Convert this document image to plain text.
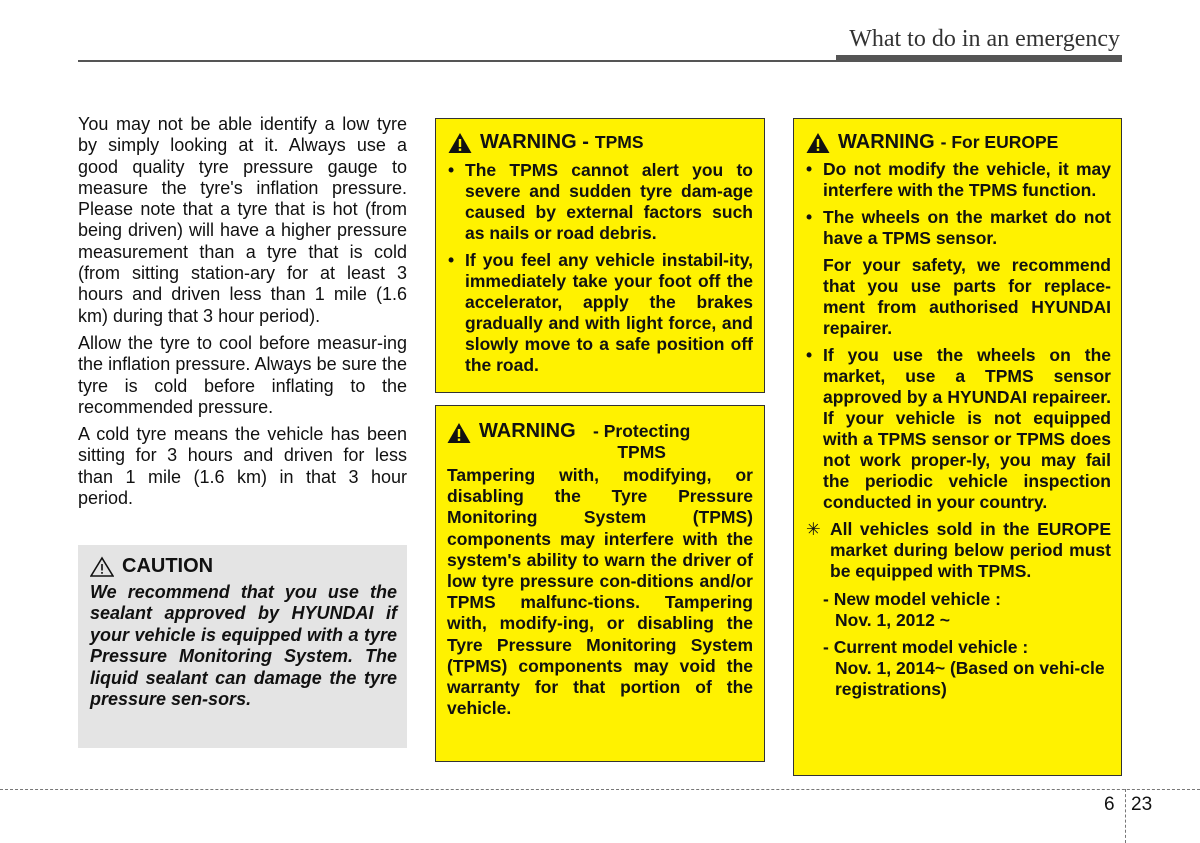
What to do in an emergency

You may not be able identify a low tyre by simply looking at it. Always use a good quality tyre pressure gauge to measure the tyre's inflation pressure. Please note that a tyre that is hot (from being driven) will have a higher pressure measurement than a tyre that is cold (from sitting station-ary for at least 3 hours and driven less than 1 mile (1.6 km) during that 3 hour period).

Allow the tyre to cool before measur-ing the inflation pressure. Always be sure the tyre is cold before inflating to the recommended pressure.

A cold tyre means the vehicle has been sitting for 3 hours and driven for less than 1 mile (1.6 km) in that 3 hour period.

CAUTION

We recommend that you use the sealant approved by HYUNDAI if your vehicle is equipped with a tyre Pressure Monitoring System. The liquid sealant can damage the tyre pressure sen-sors.

WARNING - TPMS
• The TPMS cannot alert you to severe and sudden tyre dam-age caused by external factors such as nails or road debris.
• If you feel any vehicle instabil-ity, immediately take your foot off the accelerator, apply the brakes gradually and with light force, and slowly move to a safe position off the road.
WARNING - Protecting TPMS

Tampering with, modifying, or disabling the Tyre Pressure Monitoring System (TPMS) components may interfere with the system's ability to warn the driver of low tyre pressure con-ditions and/or TPMS malfunc-tions. Tampering with, modify-ing, or disabling the Tyre Pressure Monitoring System (TPMS) components may void the warranty for that portion of the vehicle.

WARNING - For EUROPE
• Do not modify the vehicle, it may interfere with the TPMS function.
• The wheels on the market do not have a TPMS sensor.

For your safety, we recommend that you use parts for replace-ment from authorised HYUNDAI repairer.

• If you use the wheels on the market, use a TPMS sensor approved by a HYUNDAI repaireer. If your vehicle is not equipped with a TPMS sensor or TPMS does not work proper-ly, you may fail the periodic vehicle inspection conducted in your country.
✳ All vehicles sold in the EUROPE market during below period must be equipped with TPMS.
- New model vehicle :
Nov. 1, 2012 ~
- Current model vehicle :
Nov. 1, 2014~ (Based on vehi-cle registrations)
6 23
